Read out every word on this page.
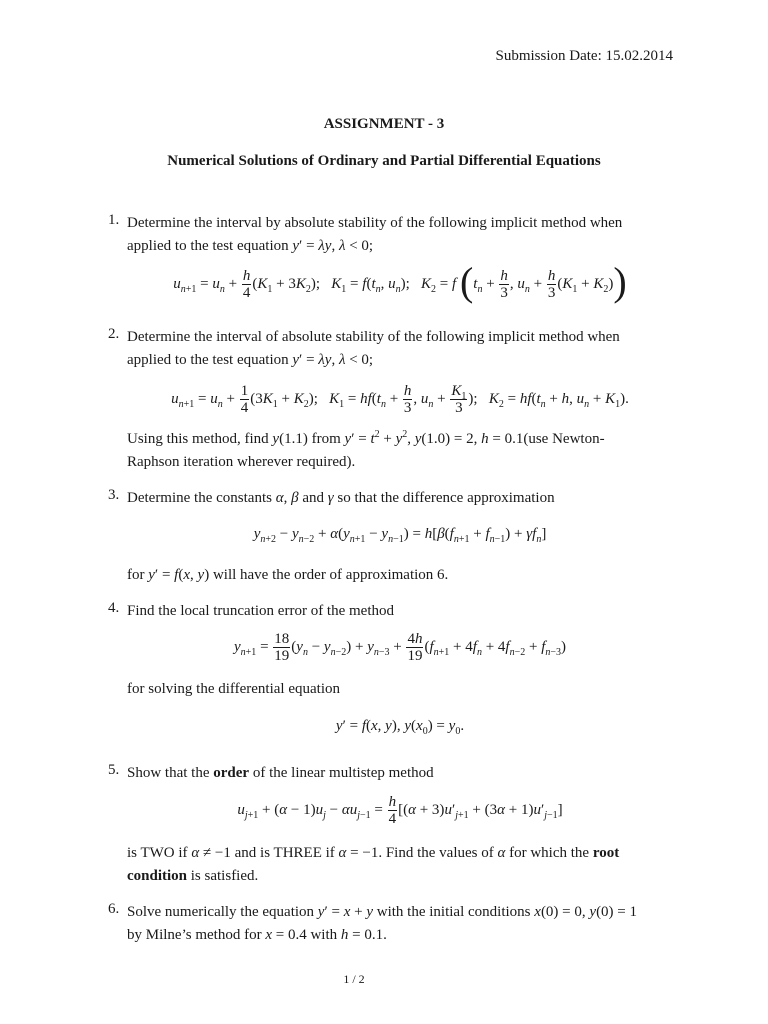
Submission Date: 15.02.2014
ASSIGNMENT - 3
Numerical Solutions of Ordinary and Partial Differential Equations
1. Determine the interval by absolute stability of the following implicit method when
applied to the test equation y′ = λy, λ < 0;
$u_{n+1} = u_n + \frac{h}{4} (K_1 + 3K_2)$;   $K_1 = f(t_n$, $u_n$);   $K_2 = f$ ($t_n + \frac{h}{3}$ , $u_n + \frac{h}{3} (K_1 + K_2)$)
2. Determine the interval of absolute stability of the following implicit method when
applied to the test equation y′ = λy, λ < 0;
$u_{n+1} = u_n + \frac{1}{4} (3K_1 + K_2)$;   $K_1 = hf(t_n + \frac{h}{3}$ , $u_n + \frac{K_1}{3}$ );   $K_2 = hf(t_n + h$, $u_n + K_1$).
Using this method, find y(1.1) from $y' = t^2 + y^2$, y(1.0) = 2, h = 0.1(use Newton-
Raphson iteration wherever required).
3. Determine the constants α, β and γ so that the difference approximation
$y_{n+2} - y_{n-2} + \alpha(y_{n+1} - y_{n-1}) = h[\beta(f_{n+1} + f_{n-1}) + \gamma f_n]$
for y′ = f(x, y) will have the order of approximation 6.
4. Find the local truncation error of the method
$y_{n+1} = \frac{18}{19} (y_n - y_{n-2}) + y_{n-3} + \frac{4h}{19} (f_{n+1} + 4f_n + 4f_{n-2} + f_{n-3})$
for solving the differential equation
y′ = f(x, y), $y(x_0) = y_0$.
5. Show that the order of the linear multistep method
$u_{j+1} + (\alpha - 1)u_j - \alpha u_{j-1} = \frac{h}{4} [(\alpha + 3)u'_{j+1} + (3\alpha + 1)u'_{j-1}]$
is TWO if α ≠ −1 and is THREE if α = −1. Find the values of α for which the root
condition is satisfied.
6. Solve numerically the equation y′ = x + y with the initial conditions x(0) = 0, y(0) = 1
by Milne’s method for x = 0.4 with h = 0.1.
1 / 2
